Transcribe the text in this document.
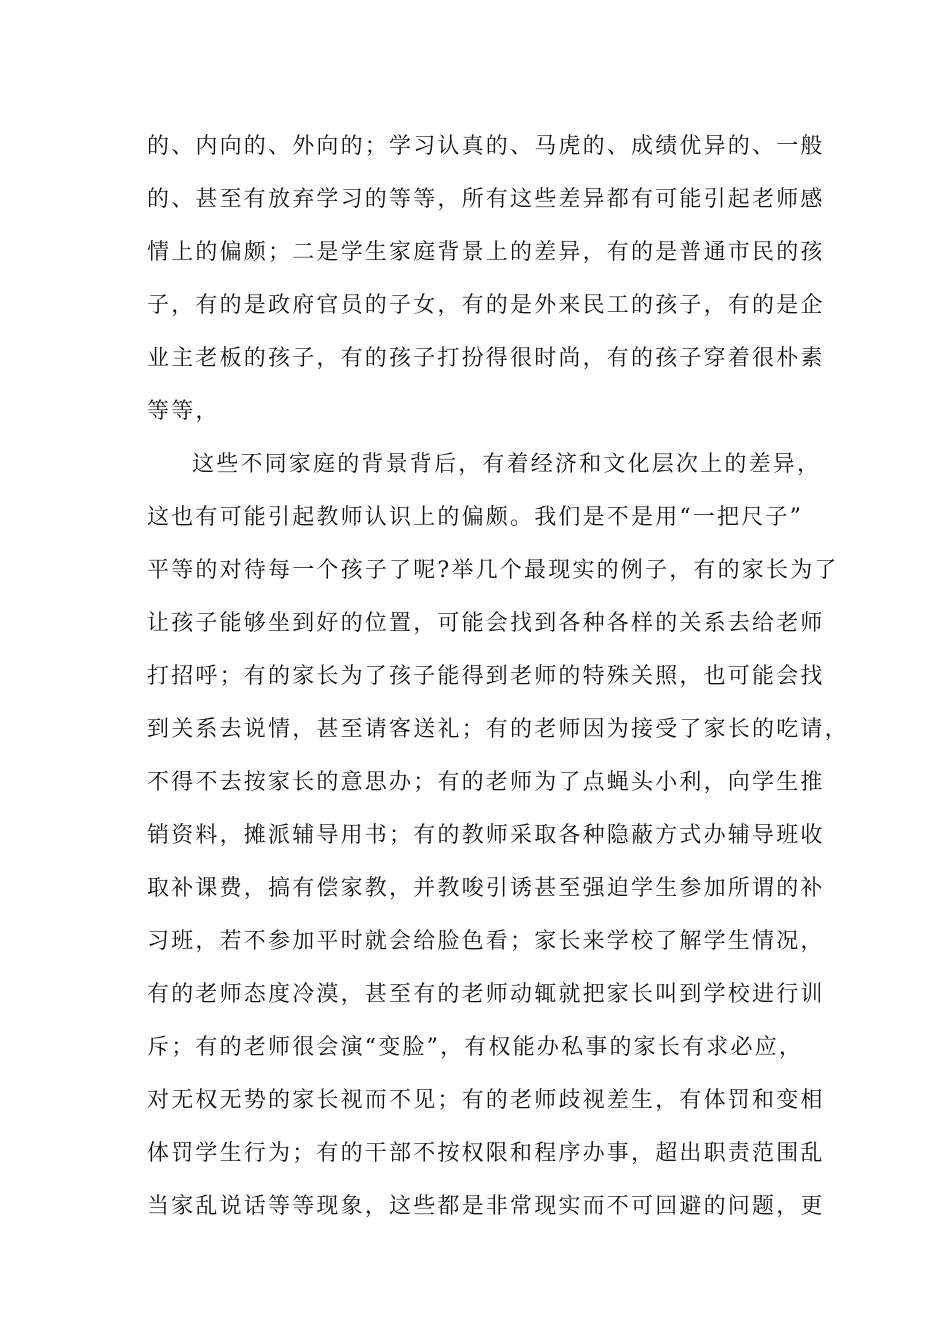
的、内向的、外向的；学习认真的、马虎的、成绩优异的、一般
的、甚至有放弃学习的等等，所有这些差异都有可能引起老师感
情上的偏颇；二是学生家庭背景上的差异，有的是普通市民的孩
子，有的是政府官员的子女，有的是外来民工的孩子，有的是企
业主老板的孩子，有的孩子打扮得很时尚，有的孩子穿着很朴素
等等，
这些不同家庭的背景背后，有着经济和文化层次上的差异，
这也有可能引起教师认识上的偏颇。我们是不是用“一把尺子”
平等的对待每一个孩子了呢?举几个最现实的例子，有的家长为了
让孩子能够坐到好的位置，可能会找到各种各样的关系去给老师
打招呼；有的家长为了孩子能得到老师的特殊关照，也可能会找
到关系去说情，甚至请客送礼；有的老师因为接受了家长的吃请，
不得不去按家长的意思办；有的老师为了点蝇头小利，向学生推
销资料，摊派辅导用书；有的教师采取各种隐蔽方式办辅导班收
取补课费，搞有偿家教，并教唆引诱甚至强迫学生参加所谓的补
习班，若不参加平时就会给脸色看；家长来学校了解学生情况，
有的老师态度冷漠，甚至有的老师动辄就把家长叫到学校进行训
斥；有的老师很会演“变脸”，有权能办私事的家长有求必应，
对无权无势的家长视而不见；有的老师歧视差生，有体罚和变相
体罚学生行为；有的干部不按权限和程序办事，超出职责范围乱
当家乱说话等等现象，这些都是非常现实而不可回避的问题，更
